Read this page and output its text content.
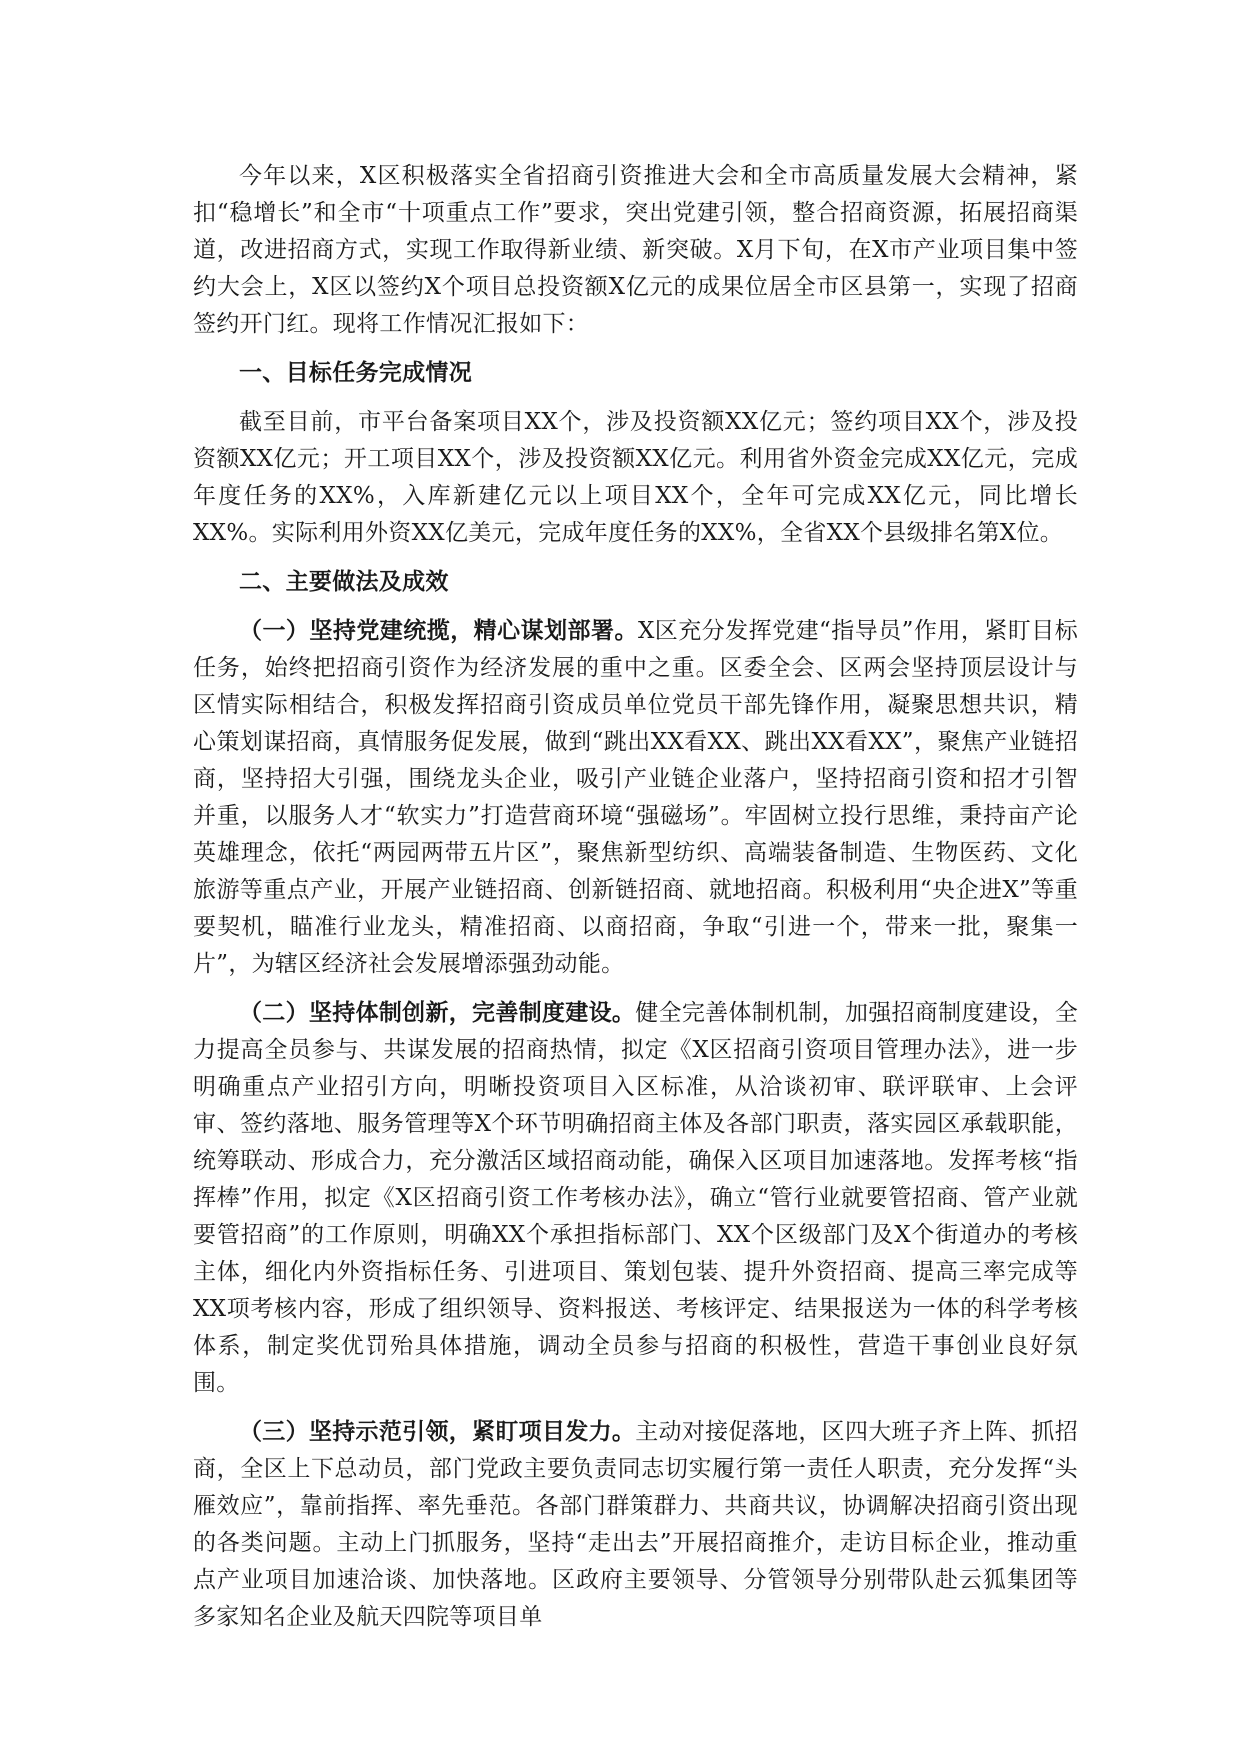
今年以来，X区积极落实全省招商引资推进大会和全市高质量发展大会精神，紧扣“稳增长”和全市“十项重点工作”要求，突出党建引领，整合招商资源，拓展招商渠道，改进招商方式，实现工作取得新业绩、新突破。X月下旬，在X市产业项目集中签约大会上，X区以签约X个项目总投资额X亿元的成果位居全市区县第一，实现了招商签约开门红。现将工作情况汇报如下：

一、目标任务完成情况

截至目前，市平台备案项目XX个，涉及投资额XX亿元；签约项目XX个，涉及投资额XX亿元；开工项目XX个，涉及投资额XX亿元。利用省外资金完成XX亿元，完成年度任务的XX%，入库新建亿元以上项目XX个，全年可完成XX亿元，同比增长XX%。实际利用外资XX亿美元，完成年度任务的XX%，全省XX个县级排名第X位。

二、主要做法及成效

（一）坚持党建统揽，精心谋划部署。X区充分发挥党建“指导员”作用，紧盯目标任务，始终把招商引资作为经济发展的重中之重。区委全会、区两会坚持顶层设计与区情实际相结合，积极发挥招商引资成员单位党员干部先锋作用，凝聚思想共识，精心策划谋招商，真情服务促发展，做到“跳出XX看XX、跳出XX看XX”，聚焦产业链招商，坚持招大引强，围绕龙头企业，吸引产业链企业落户，坚持招商引资和招才引智并重，以服务人才“软实力”打造营商环境“强磁场”。牢固树立投行思维，秉持亩产论英雄理念，依托“两园两带五片区”，聚焦新型纺织、高端装备制造、生物医药、文化旅游等重点产业，开展产业链招商、创新链招商、就地招商。积极利用“央企进X”等重要契机，瞄准行业龙头，精准招商、以商招商，争取“引进一个，带来一批，聚集一片”，为辖区经济社会发展增添强劲动能。

（二）坚持体制创新，完善制度建设。健全完善体制机制，加强招商制度建设，全力提高全员参与、共谋发展的招商热情，拟定《X区招商引资项目管理办法》，进一步明确重点产业招引方向，明晰投资项目入区标准，从洽谈初审、联评联审、上会评审、签约落地、服务管理等X个环节明确招商主体及各部门职责，落实园区承载职能，统筹联动、形成合力，充分激活区域招商动能，确保入区项目加速落地。发挥考核“指挥棒”作用，拟定《X区招商引资工作考核办法》，确立“管行业就要管招商、管产业就要管招商”的工作原则，明确XX个承担指标部门、XX个区级部门及X个街道办的考核主体，细化内外资指标任务、引进项目、策划包装、提升外资招商、提高三率完成等XX项考核内容，形成了组织领导、资料报送、考核评定、结果报送为一体的科学考核体系，制定奖优罚殆具体措施，调动全员参与招商的积极性，营造干事创业良好氛围。

（三）坚持示范引领，紧盯项目发力。主动对接促落地，区四大班子齐上阵、抓招商，全区上下总动员，部门党政主要负责同志切实履行第一责任人职责，充分发挥“头雁效应”，靠前指挥、率先垂范。各部门群策群力、共商共议，协调解决招商引资出现的各类问题。主动上门抓服务，坚持“走出去”开展招商推介，走访目标企业，推动重点产业项目加速洽谈、加快落地。区政府主要领导、分管领导分别带队赴云狐集团等多家知名企业及航天四院等项目单
